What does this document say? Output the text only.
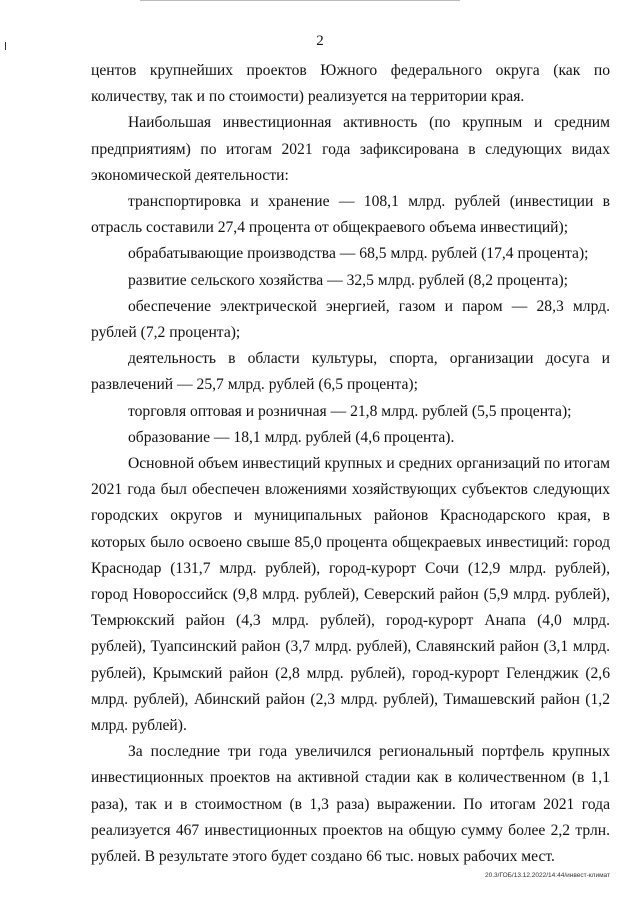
2

центов крупнейших проектов Южного федерального округа (как по количеству, так и по стоимости) реализуется на территории края.

Наибольшая инвестиционная активность (по крупным и средним предприятиям) по итогам 2021 года зафиксирована в следующих видах экономической деятельности:

транспортировка и хранение — 108,1 млрд. рублей (инвестиции в отрасль составили 27,4 процента от общекраевого объема инвестиций);

обрабатывающие производства — 68,5 млрд. рублей (17,4 процента);

развитие сельского хозяйства — 32,5 млрд. рублей (8,2 процента);

обеспечение электрической энергией, газом и паром — 28,3 млрд. рублей (7,2 процента);

деятельность в области культуры, спорта, организации досуга и развлечений — 25,7 млрд. рублей (6,5 процента);

торговля оптовая и розничная — 21,8 млрд. рублей (5,5 процента);

образование — 18,1 млрд. рублей (4,6 процента).

Основной объем инвестиций крупных и средних организаций по итогам 2021 года был обеспечен вложениями хозяйствующих субъектов следующих городских округов и муниципальных районов Краснодарского края, в которых было освоено свыше 85,0 процента общекраевых инвестиций: город Краснодар (131,7 млрд. рублей), город-курорт Сочи (12,9 млрд. рублей), город Новороссийск (9,8 млрд. рублей), Северский район (5,9 млрд. рублей), Темрюкский район (4,3 млрд. рублей), город-курорт Анапа (4,0 млрд. рублей), Туапсинский район (3,7 млрд. рублей), Славянский район (3,1 млрд. рублей), Крымский район (2,8 млрд. рублей), город-курорт Геленджик (2,6 млрд. рублей), Абинский район (2,3 млрд. рублей), Тимашевский район (1,2 млрд. рублей).

За последние три года увеличился региональный портфель крупных инвестиционных проектов на активной стадии как в количественном (в 1,1 раза), так и в стоимостном (в 1,3 раза) выражении. По итогам 2021 года реализуется 467 инвестиционных проектов на общую сумму более 2,2 трлн. рублей. В результате этого будет создано 66 тыс. новых рабочих мест.

20.3/ГОБ/13.12.2022/14:44/инвест-климат
